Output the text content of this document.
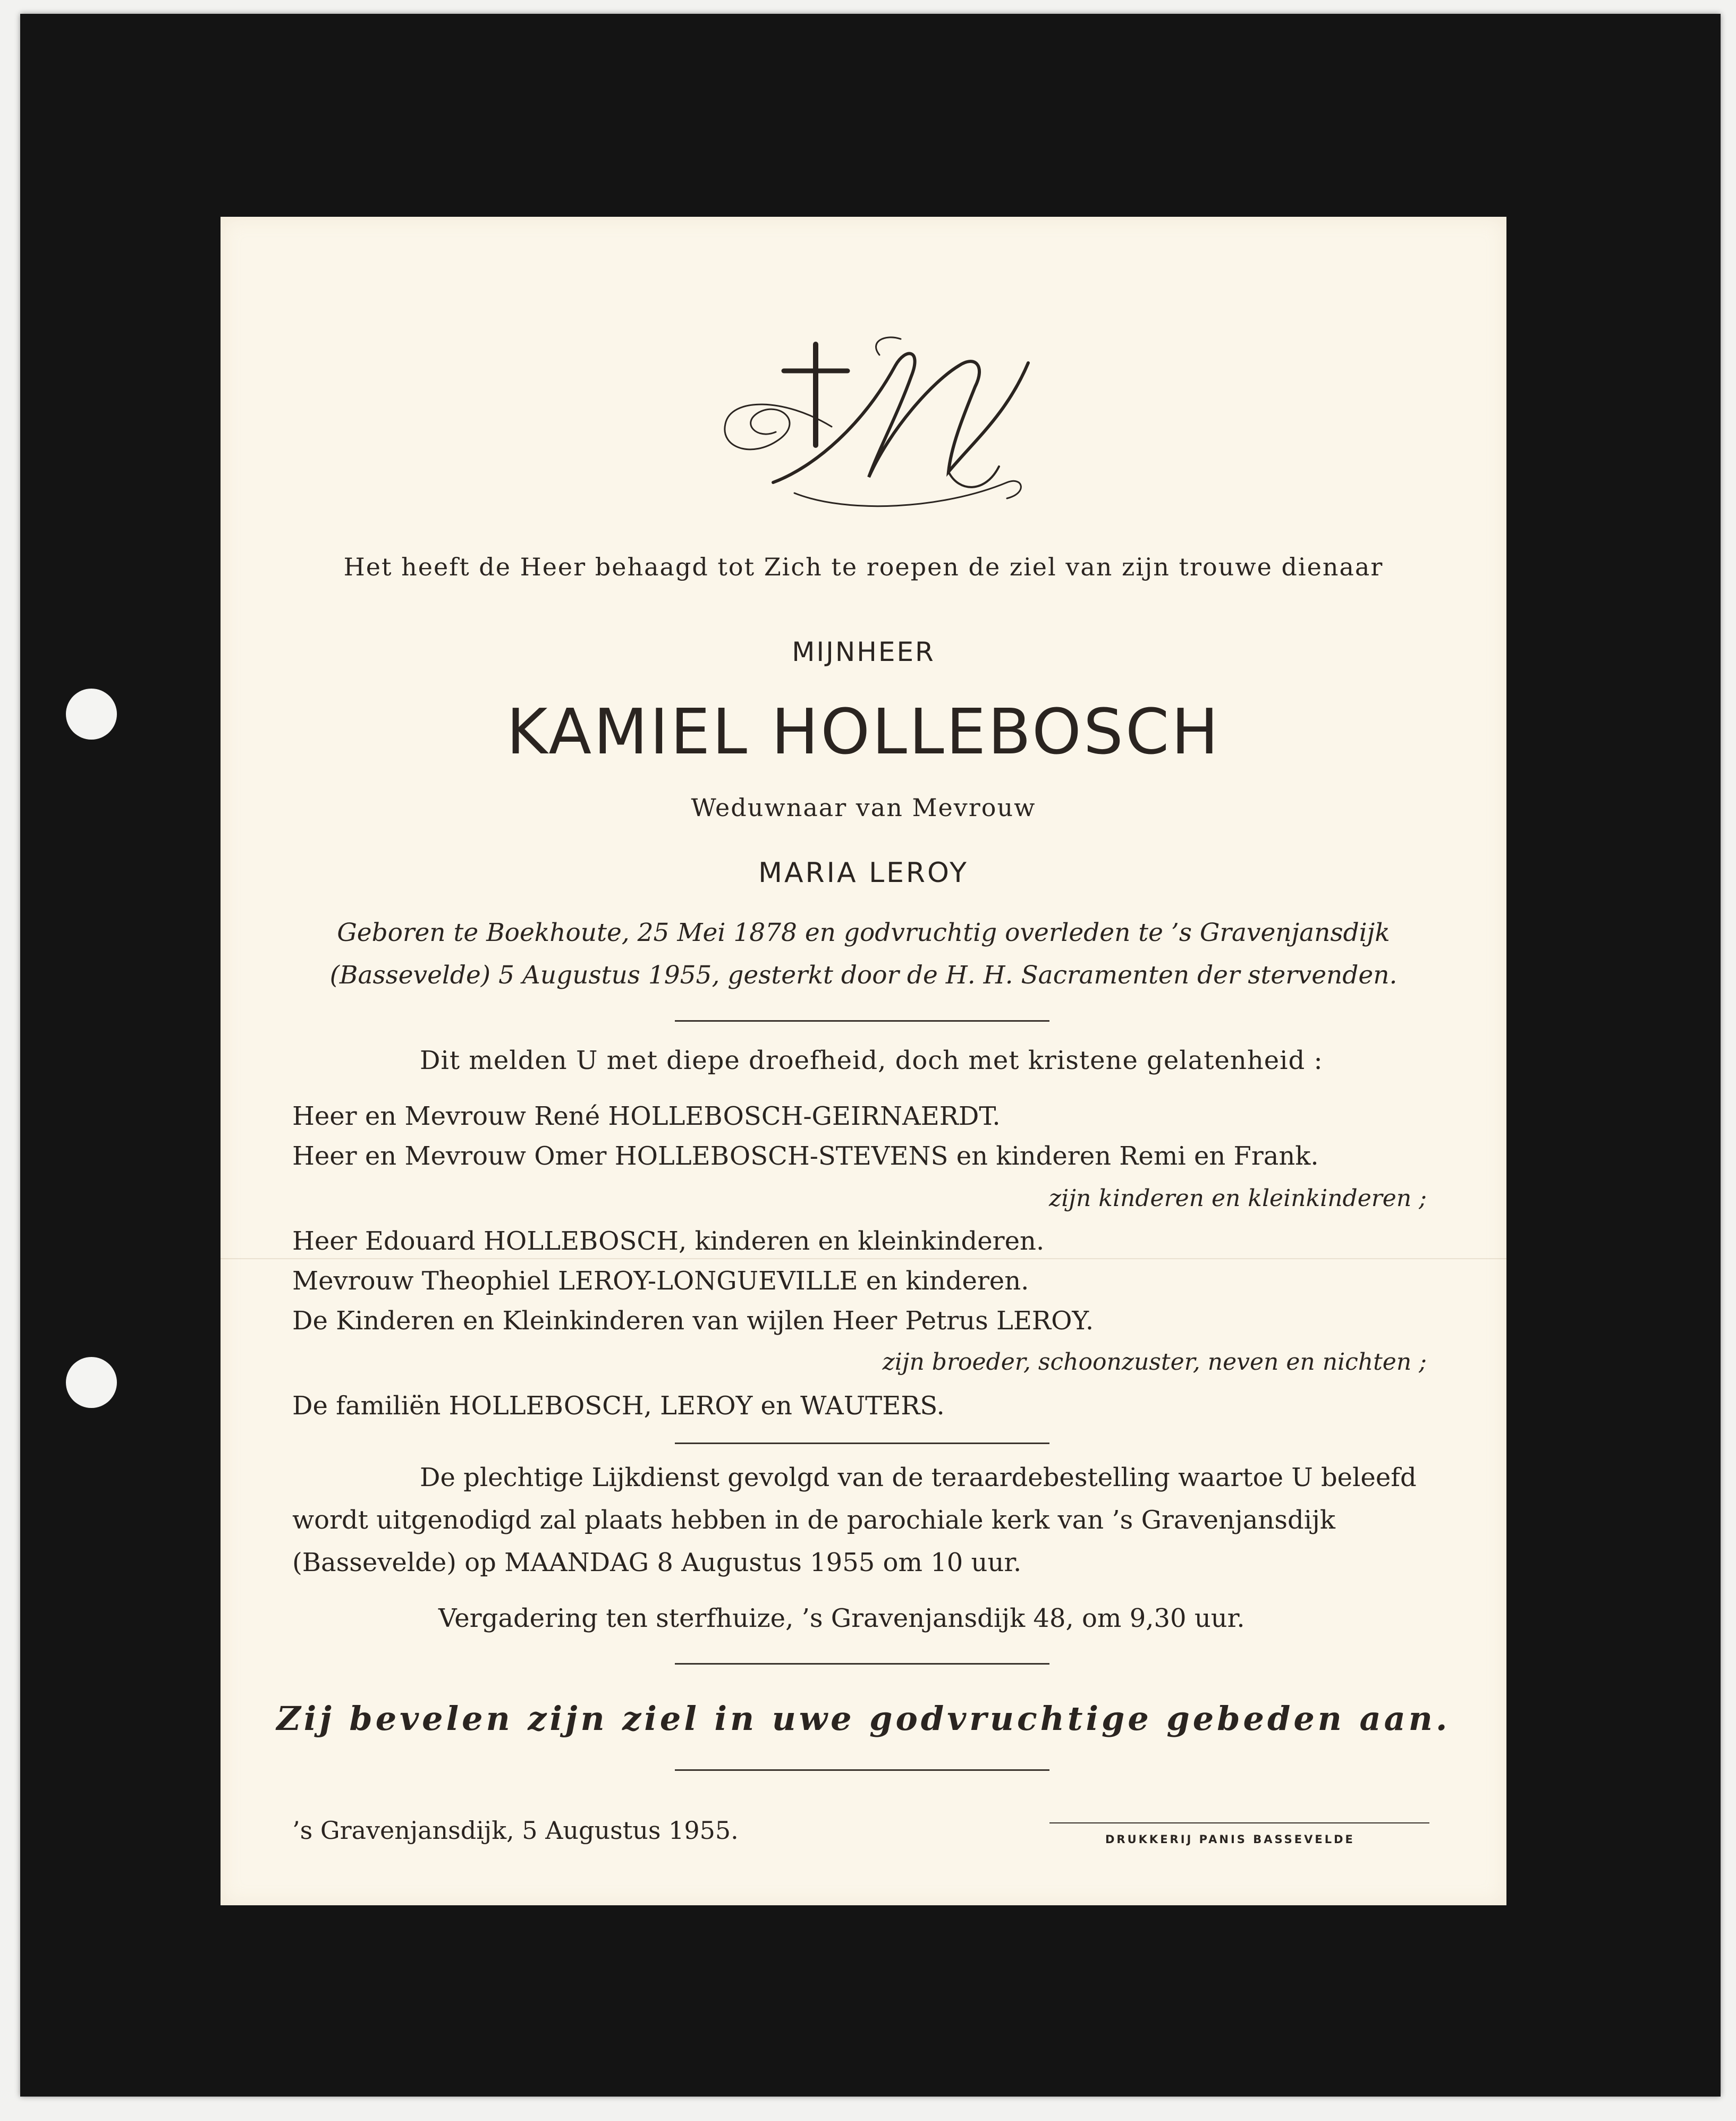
Het heeft de Heer behaagd tot Zich te roepen de ziel van zijn trouwe dienaar
MIJNHEER
KAMIEL HOLLEBOSCH
Weduwnaar van Mevrouw
MARIA LEROY
Geboren te Boekhoute, 25 Mei 1878 en godvruchtig overleden te ’s Gravenjansdijk
(Bassevelde) 5 Augustus 1955, gesterkt door de H. H. Sacramenten der stervenden.
Dit melden U met diepe droefheid, doch met kristene gelatenheid :
Heer en Mevrouw René HOLLEBOSCH-GEIRNAERDT.
Heer en Mevrouw Omer HOLLEBOSCH-STEVENS en kinderen Remi en Frank.
zijn kinderen en kleinkinderen ;
Heer Edouard HOLLEBOSCH, kinderen en kleinkinderen.
Mevrouw Theophiel LEROY-LONGUEVILLE en kinderen.
De Kinderen en Kleinkinderen van wijlen Heer Petrus LEROY.
zijn broeder, schoonzuster, neven en nichten ;
De familiën HOLLEBOSCH, LEROY en WAUTERS.
De plechtige Lijkdienst gevolgd van de teraardebestelling waartoe U beleefd
wordt uitgenodigd zal plaats hebben in de parochiale kerk van ’s Gravenjansdijk
(Bassevelde) op MAANDAG 8 Augustus 1955 om 10 uur.
Vergadering ten sterfhuize, ’s Gravenjansdijk 48, om 9,30 uur.
Zij bevelen zijn ziel in uwe godvruchtige gebeden aan.
’s Gravenjansdijk, 5 Augustus 1955.	DRUKKERIJ PANIS BASSEVELDE
